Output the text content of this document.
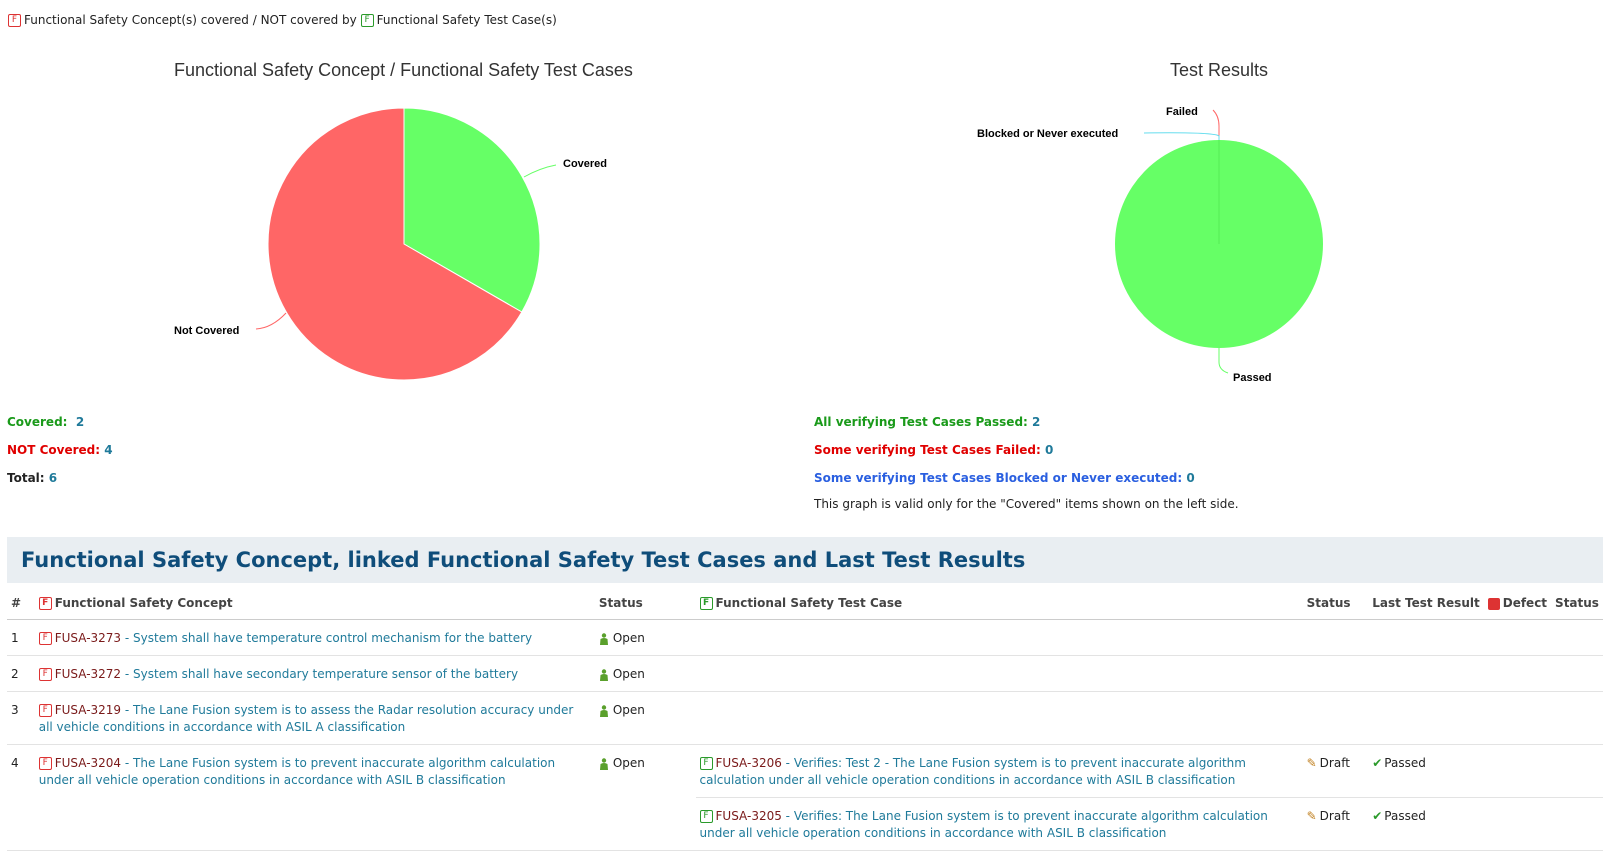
F Functional Safety Concept(s) covered / NOT covered by F Functional Safety Test Case(s)
Functional Safety Concept / Functional Safety Test Cases
Covered
Not Covered
Test Results
Failed
Blocked or Never executed
Passed
Covered: 2
NOT Covered: 4
Total: 6
All verifying Test Cases Passed: 2
Some verifying Test Cases Failed: 0
Some verifying Test Cases Blocked or Never executed: 0
This graph is valid only for the "Covered" items shown on the left side.
Functional Safety Concept, linked Functional Safety Test Cases and Last Test Results
#	F Functional Safety Concept	Status	F Functional Safety Test Case	Status	Last Test Result	Defect	Status
1	F FUSA-3273 - System shall have temperature control mechanism for the battery	Open					
2	F FUSA-3272 - System shall have secondary temperature sensor of the battery	Open					
3	F FUSA-3219 - The Lane Fusion system is to assess the Radar resolution accuracy under all vehicle conditions in accordance with ASIL A classification	Open					
4	F FUSA-3204 - The Lane Fusion system is to prevent inaccurate algorithm calculation under all vehicle operation conditions in accordance with ASIL B classification	Open	F FUSA-3206 - Verifies: Test 2 - The Lane Fusion system is to prevent inaccurate algorithm calculation under all vehicle operation conditions in accordance with ASIL B classification	✎ Draft	✔ Passed		
			F FUSA-3205 - Verifies: The Lane Fusion system is to prevent inaccurate algorithm calculation under all vehicle operation conditions in accordance with ASIL B classification	✎ Draft	✔ Passed		
